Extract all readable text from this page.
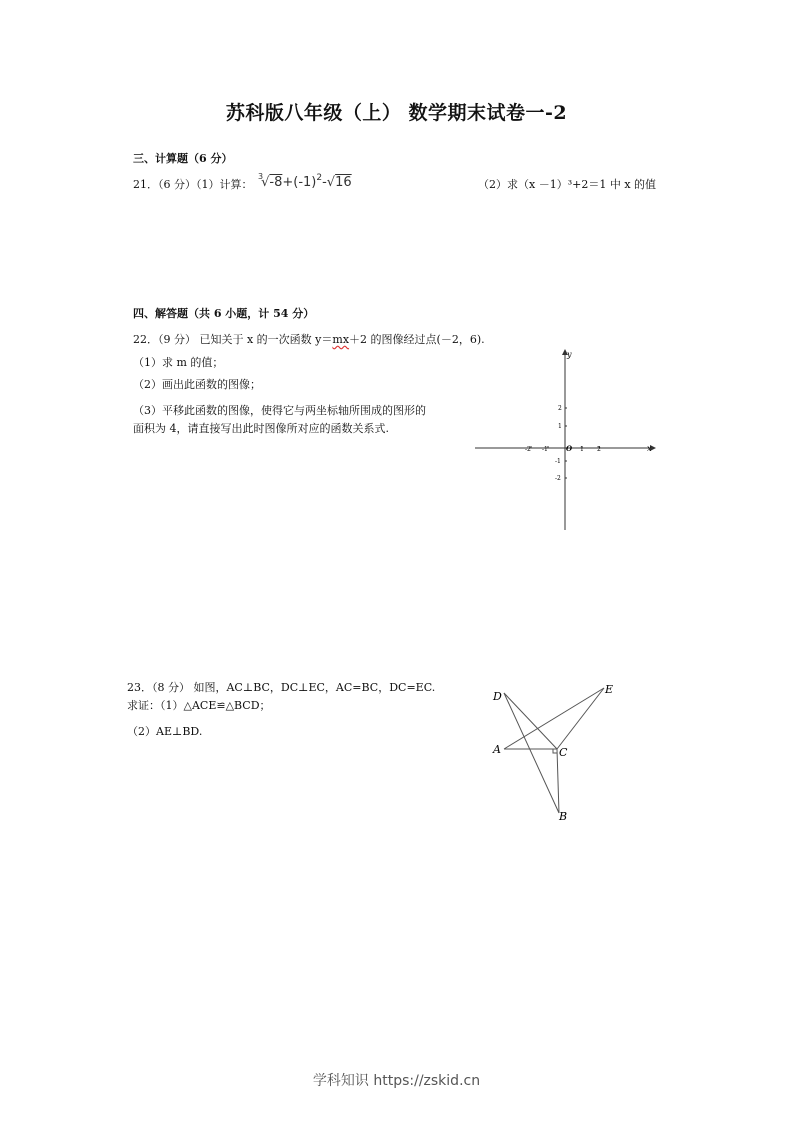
苏科版八年级（上） 数学期末试卷一-2
三、计算题（6 分）
21．（6 分）（1）计算：
$^3√-8+(-1)^2-√16$	（2）求（x －1）³+2＝1 中 x 的值
四、解答题（共 6 小题，计 54 分）
22．（9 分） 已知关于 x 的一次函数 y＝mx＋2 的图像经过点(－2，6).
（1）求 m 的值；
（2）画出此函数的图像；
（3）平移此函数的图像，使得它与两坐标轴所围成的图形的
面积为 4，请直接写出此时图像所对应的函数关系式.
x
y
O
-2 -1	1 2
2
1
-1
-2
23．（8 分） 如图，AC⊥BC，DC⊥EC，AC=BC，DC=EC.
求证：（1）△ACE≌△BCD；
（2）AE⊥BD.
D
E
A	C
B
学科知识 https://zskid.cn
